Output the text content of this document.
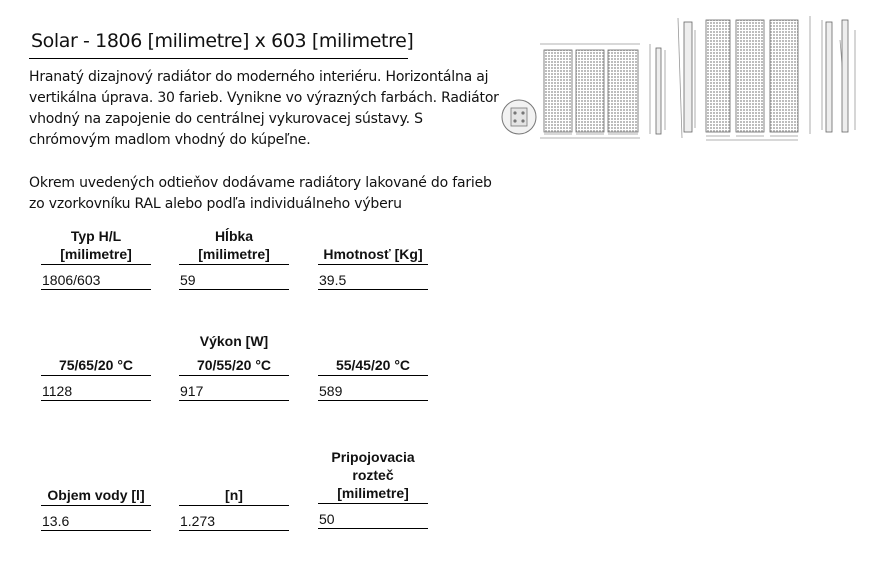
Solar - 1806 [milimetre] x 603 [milimetre]

Hranatý dizajnový radiátor do moderného interiéru. Horizontálna aj vertikálna úprava. 30 farieb. Vynikne vo výrazných farbách. Radiátor vhodný na zapojenie do centrálnej vykurovacej sústavy. S chrómovým madlom vhodný do kúpeľne.

Okrem uvedených odtieňov dodávame radiátory lakované do farieb zo vzorkovníku RAL alebo podľa individuálneho výberu

Typ H/L
[milimetre]
1806/603
Hĺbka
[milimetre]
59
Hmotnosť [Kg]
39.5
Výkon [W]
75/65/20 °C
1128
70/55/20 °C
917
55/45/20 °C
589
Objem vody [l]
13.6
[n]
1.273
Pripojovacia
rozteč
[milimetre]
50
